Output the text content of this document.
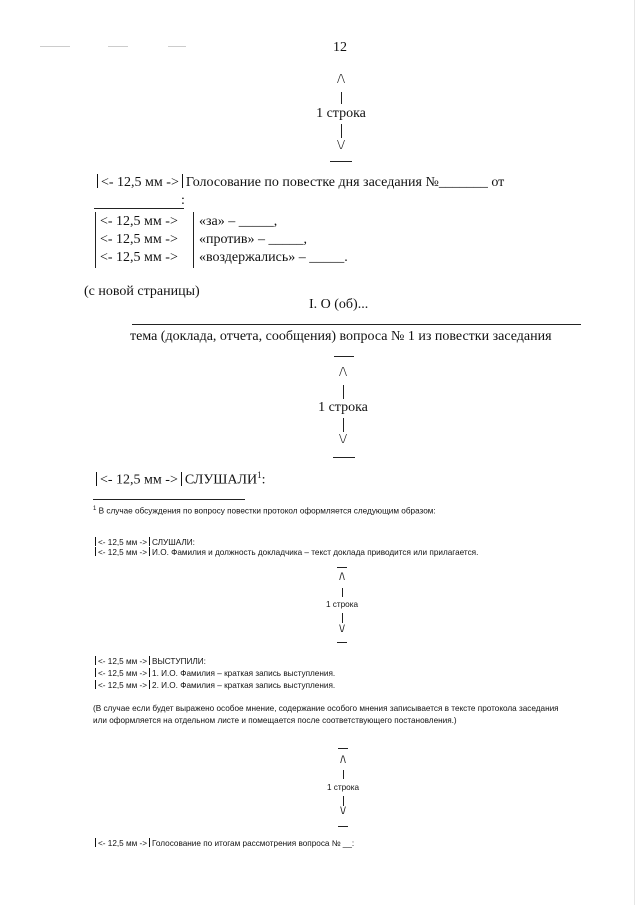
12
/\
1 строка
\/
<- 12,5 мм -> Голосование по повестке дня заседания №_______ от
:
<- 12,5 мм -> «за» – _____,
<- 12,5 мм -> «против» – _____,
<- 12,5 мм -> «воздержались» – _____.
(с новой страницы)
I. О (об)...
тема (доклада, отчета, сообщения) вопроса № 1 из повестки заседания
/\
1 строка
\/
<- 12,5 мм -> $СЛУШАЛИ^1$:
$^1$ В случае обсуждения по вопросу повестки протокол оформляется следующим образом:
<- 12,5 мм -> СЛУШАЛИ:
<- 12,5 мм -> И.О. Фамилия и должность докладчика – текст доклада приводится или прилагается.
/\
1 строка
\/
<- 12,5 мм -> ВЫСТУПИЛИ:
<- 12,5 мм -> 1. И.О. Фамилия – краткая запись выступления.
<- 12,5 мм -> 2. И.О. Фамилия – краткая запись выступления.
(В случае если будет выражено особое мнение, содержание особого мнения записывается в тексте протокола заседания или оформляется на отдельном листе и помещается после соответствующего постановления.)
/\
1 строка
\/
<- 12,5 мм -> Голосование по итогам рассмотрения вопроса № __:
